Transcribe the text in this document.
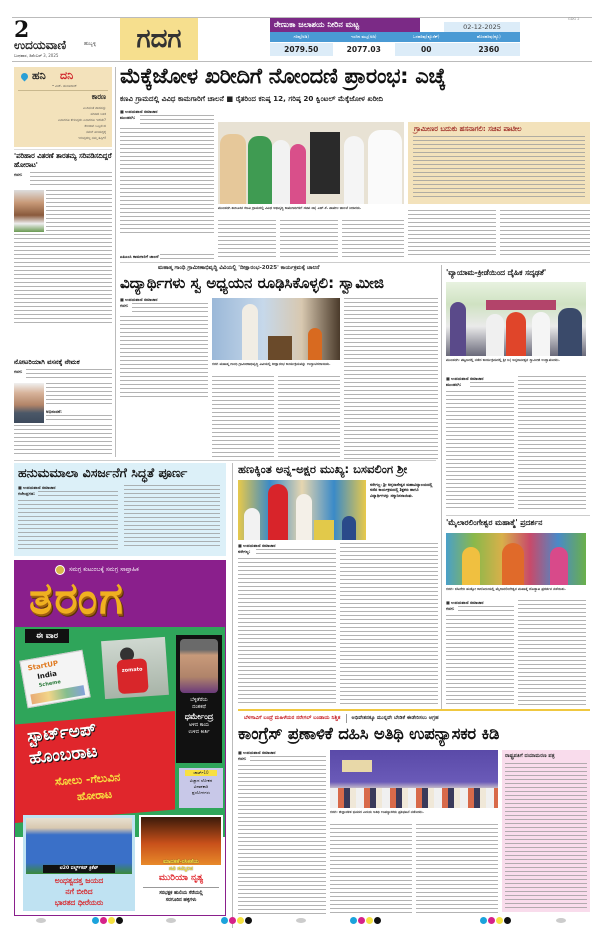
2
ಉದಯವಾಣಿ	ಹುಬ್ಬಳ್ಳಿ
ಬುಧವಾರ, ಡಿಸೆಂಬರ್ 3, 2025
ಗದಗ	ರೇಣುಕಾ ಜಲಾಶಯ ನೀರಿನ ಮಟ್ಟ	02-12-2025
GDG 2
ಗರಿಷ್ಠ(ಅಡಿ)	ಇಂದಿನ ಮಟ್ಟ(ಅಡಿ)	ಒಳಹರಿವು(ಕ್ಯೂಸೆಕ್)	ಹೊರಹರಿವು(ಕ್ಯೂ)
2079.50	2077.03	00	2360
ಹನಿ ದನಿ
• ಎಚ್. ಡುಂಡಿರಾಜ್
ಕಾರಣ
ಎಂದಿನಂತೆ ಪಾಠವನ್ನು
ಮಾಡಿದ ಬಳಿಕ
ಏನಾದರೂ ಕೇಳುವುದು ಏನಾದರೂ ಇದೆಯೆ?
ಕೇಳಿದಾಗ ಒಬ್ಬನೆಂದ
ನಮಗೆ ತಿಳಿಯದ್ದಕ್ಕೆ
ಇರುವುದಲ್ಲ ನಮ್ಮ ತಪ್ಪಿಗೆ!
'ಪರಿಹಾರ ವಿತರಣೆ ತಾರತಮ್ಯ ಸರಿಪಡಿಸದಿದ್ದರೆ ಹೋರಾಟ'
ಗದಗ:
ನೋಟರಿಯಾಗಿ ವಸನಕ್ಕೆ ನೇಮಕ
ಗದಗ:
ಅಭಿನಂದನೆ:
ಮೆಕ್ಕೆಜೋಳ ಖರೀದಿಗೆ ನೋಂದಣಿ ಪ್ರಾರಂಭ: ಎಚ್ಕೆ
ಕಣವಿ ಗ್ರಾಮದಲ್ಲಿ ವಿವಿಧ ಕಾಮಗಾರಿಗೆ ಚಾಲನೆ ■ ರೈತರಿಂದ ಕನಿಷ್ಠ 12, ಗರಿಷ್ಠ 20 ಕ್ವಿಂಟಲ್ ಮೆಕ್ಕೆಜೋಳ ಖರೀದಿ
■ ಉದಯವಾಣಿ ಸಮಾಚಾರ
ಮುಂಡರಗಿ:
ಎಪಿಎಂಸಿ ಕಾಮಗಾರಿಗೆ ಚಾಲನೆ
ಮುಂಡರಗಿ ತಾಲೂಕಿನ ಕಣವಿ ಗ್ರಾಮದಲ್ಲಿ ವಿವಿಧ ಅಭಿವೃದ್ಧಿ ಕಾಮಗಾರಿಗಳಿಗೆ ಸಚಿವ ಡಾ| ಎಚ್.ಕೆ. ಪಾಟೀಲ ಚಾಲನೆ ನೀಡಿದರು.
ಗ್ರಾಮೀಣರ ಬದುಕು ಹಸನಾಗಲಿ: ಸಚಿವ ಪಾಟೀಲ
ಮಹಾತ್ಮ ಗಾಂಧಿ ಗ್ರಾಮೀಣಾಭಿವೃದ್ಧಿ ವಿವಿಯಲ್ಲಿ 'ದೀಕ್ಷಾರಂಭ-2025' ಕಾರ್ಯಕ್ರಮಕ್ಕೆ ಚಾಲನೆ
ವಿದ್ಯಾರ್ಥಿಗಳು ಸ್ವ ಅಧ್ಯಯನ ರೂಢಿಸಿಕೊಳ್ಳಲಿ: ಸ್ವಾಮೀಜಿ
■ ಉದಯವಾಣಿ ಸಮಾಚಾರ
ಗದಗ:
ಗದಗ ಮಹಾತ್ಮ ಗಾಂಧಿ ಗ್ರಾಮೀಣಾಭಿವೃದ್ಧಿ ವಿವಿಯಲ್ಲಿ ದೀಕ್ಷಾರಂಭ ಕಾರ್ಯಕ್ರಮವನ್ನು ಉದ್ಘಾಟಿಸಲಾಯಿತು.
'ವ್ಯಾಯಾಮ-ಕ್ರೀಡೆಯಿಂದ ದೈಹಿಕ ಸದೃಢತೆ'
ಮುಂಡರಗಿ: ಪಟ್ಟಣದಲ್ಲಿ ನಡೆದ ಕಾರ್ಯಕ್ರಮದಲ್ಲಿ ಶ್ರೀ ಜ| ಅನ್ನದಾನೀಶ್ವರ ಸ್ವಾಮೀಜಿ ಉದ್ಘಾಟಿಸಿದರು.
■ ಉದಯವಾಣಿ ಸಮಾಚಾರ
ಮುಂಡರಗಿ:
ಹನುಮಮಾಲಾ ವಿಸರ್ಜನೆಗೆ ಸಿದ್ಧತೆ ಪೂರ್ಣ
■ ಉದಯವಾಣಿ ಸಮಾಚಾರ
ಗಜೇಂದ್ರಗಡ:
ಹಣಕ್ಕಿಂತ ಅನ್ನ-ಅಕ್ಷರ ಮುಖ್ಯ: ಬಸವಲಿಂಗ ಶ್ರೀ
ನರೇಗಲ್ಲ: ಶ್ರೀ ಅನ್ನದಾನೇಶ್ವರ ಮಹಾವಿದ್ಯಾಲಯದಲ್ಲಿ ನಡೆದ ಕಾರ್ಯಕ್ರಮದಲ್ಲಿ ಶಿಕ್ಷಕರು ಹಾಗೂ ವಿದ್ಯಾರ್ಥಿಗಳನ್ನು ಸನ್ಮಾನಿಸಲಾಯಿತು.
■ ಉದಯವಾಣಿ ಸಮಾಚಾರ
ನರೇಗಲ್ಲ:
'ಮೈಲಾರಲಿಂಗೇಶ್ವರ ಮಹಾತ್ಮೆ' ಪ್ರದರ್ಶನ
ಗದಗ: ಬೆಟಗೇರಿ ಹುಡ್ಕೋ ಕಾಲೋನಿಯಲ್ಲಿ ಮೈಲಾರಲಿಂಗೇಶ್ವರ ಮಹಾತ್ಮೆ ದೊಡ್ಡಾಟ ಪ್ರದರ್ಶನ ನಡೆಯಿತು.
■ ಉದಯವಾಣಿ ಸಮಾಚಾರ
ಗದಗ:
ಬೆಳಗಾವಿಗೆ ಬಂದ್ರೆ ಮಹಿಳೆಯರ ನರೇಗಲ್‌ ಬಂಡಾಯ ನಿಶ್ಚಿತ ಅಧಿವೇಶನಕ್ಕೂ ಮುನ್ನವೇ ಬೇಡಿಕೆ ಈಡೇರಿಸಲು ಆಗ್ರಹ
ಕಾಂಗ್ರೆಸ್ ಪ್ರಣಾಳಿಕೆ ದಹಿಸಿ ಅತಿಥಿ ಉಪನ್ಯಾಸಕರ ಕಿಡಿ
■ ಉದಯವಾಣಿ ಸಮಾಚಾರ
ಗದಗ:
ಗದಗ: ಜಿಲ್ಲಾಡಳಿತ ಭವನದ ಎದುರು ಅತಿಥಿ ಉಪನ್ಯಾಸಕರು ಪ್ರತಿಭಟನೆ ನಡೆಸಿದರು.
ರಾಷ್ಟ್ರಪತಿಗೆ ದಯಾಮರಣ ಪತ್ರ
ಸಮಗ್ರ ಕುಟುಂಬಕ್ಕೆ ಸಮಗ್ರ ಸಾಪ್ತಾಹಿಕ
ತರಂಗ
ಈ ವಾರ
StartUP
India
Scheme
zomato
ಬೆಳ್ಳಿತೆರೆಯ
ದಂತಕಥೆ
ಧರ್ಮೇಂದ್ರ
ಅಳಿದ ಕಾಯ
ಉಳಿದ ಕೀರ್ತಿ
ಸ್ಟಾರ್ಟ್‌ಅಪ್
ಹೊಂಬರಾಟ
ಸೋಲು -ಗೆಲುವಿನ
ಹೋರಾಟ
ಚಾರ್ಟ್10
ವಿಜ್ಞಾನ ಲೋಕದ
ವಿನಾಶಕಾರಿ
ಪ್ರಯೋಗಗಳು
ಟಿ20 ವರ್ಲ್ಡ್‌ಕಪ್ ಕ್ರಿಕೆಟ್
ಅಂಧತ್ವದತ್ತ ಜಯದ
ನಗೆ ಬೀರಿದ
ಭಾರತದ ಧೀರೆಯರು
ಮಾದಕತೆ-ರಸಿಕತೆಯ
ಸವಿ ಸಮ್ಮಿಲನ
ಮುರಿಯಾ ನೃತ್ಯ
ಸರಭಕ್ಷಕ ಹುಲಿಯ ಸೆರೆಯಲ್ಲಿ
ಸರಗೂರಿನ ಹಳ್ಳಿಗಳು
